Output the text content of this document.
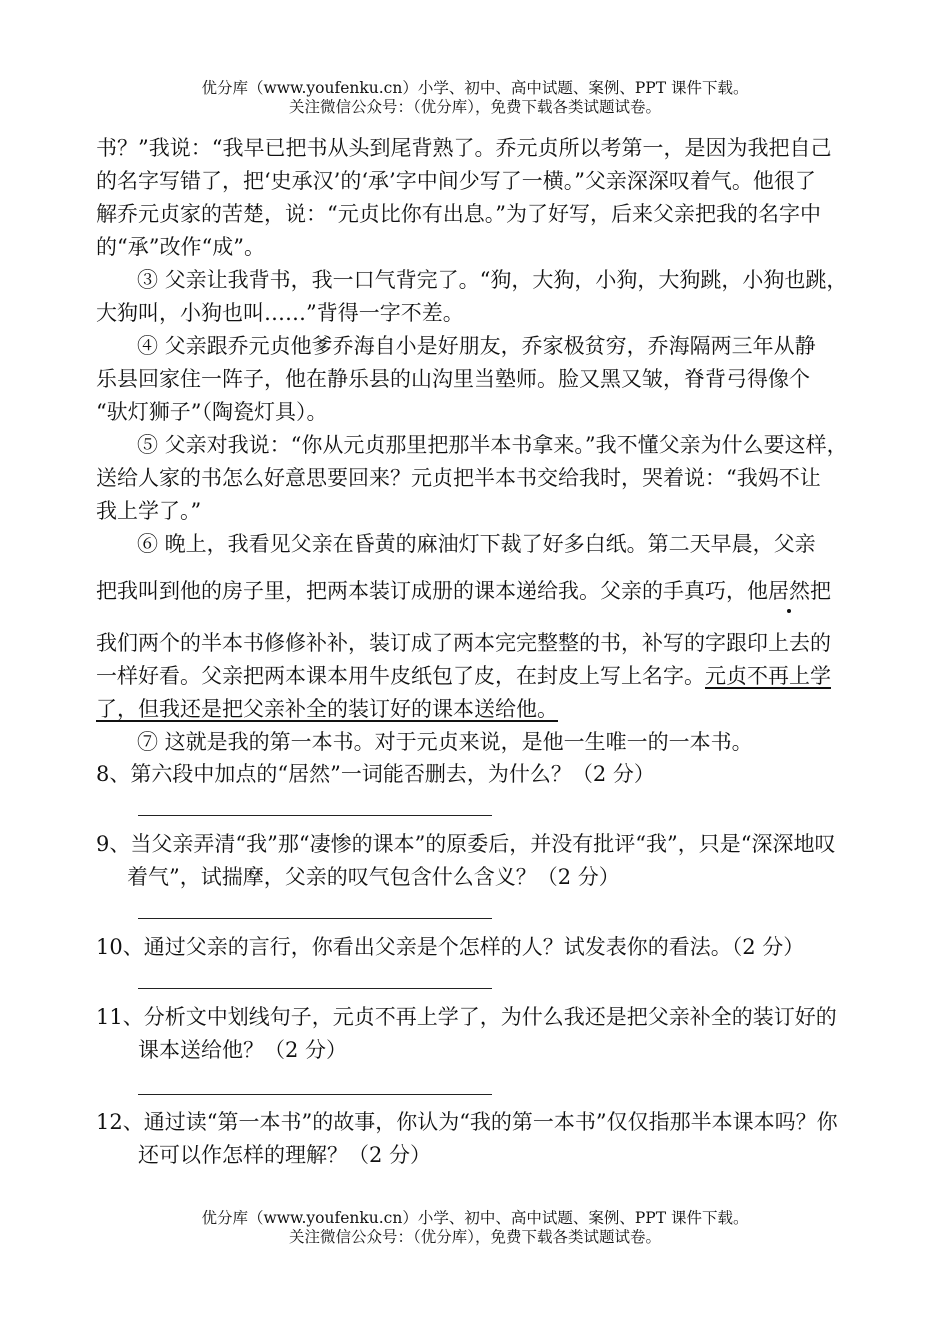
优分库（www.youfenku.cn）小学、初中、高中试题、案例、PPT 课件下载。
关注微信公众号：（优分库），免费下载各类试题试卷。
书？”我说：“我早已把书从头到尾背熟了。乔元贞所以考第一，是因为我把自己
的名字写错了，把‘史承汉’的‘承’字中间少写了一横。”父亲深深叹着气。他很了
解乔元贞家的苦楚，说：“元贞比你有出息。”为了好写，后来父亲把我的名字中
的“承”改作“成”。
③ 父亲让我背书，我一口气背完了。“狗，大狗，小狗，大狗跳，小狗也跳，
大狗叫，小狗也叫……”背得一字不差。
④ 父亲跟乔元贞他爹乔海自小是好朋友，乔家极贫穷，乔海隔两三年从静
乐县回家住一阵子，他在静乐县的山沟里当塾师。脸又黑又皱，脊背弓得像个
“驮灯狮子”（陶瓷灯具）。
⑤ 父亲对我说：“你从元贞那里把那半本书拿来。”我不懂父亲为什么要这样，
送给人家的书怎么好意思要回来？元贞把半本书交给我时，哭着说：“我妈不让
我上学了。”
⑥ 晚上，我看见父亲在昏黄的麻油灯下裁了好多白纸。第二天早晨，父亲
把我叫到他的房子里，把两本装订成册的课本递给我。父亲的手真巧，他居然把
我们两个的半本书修修补补，装订成了两本完完整整的书，补写的字跟印上去的
一样好看。父亲把两本课本用牛皮纸包了皮，在封皮上写上名字。元贞不再上学
了，但我还是把父亲补全的装订好的课本送给他。
⑦ 这就是我的第一本书。对于元贞来说，是他一生唯一的一本书。
8、第六段中加点的“居然”一词能否删去，为什么？（2 分）
9、当父亲弄清“我”那“凄惨的课本”的原委后，并没有批评“我”，只是“深深地叹
着气”，试揣摩，父亲的叹气包含什么含义？（2 分）
10、通过父亲的言行，你看出父亲是个怎样的人？试发表你的看法。（2 分）
11、分析文中划线句子，元贞不再上学了，为什么我还是把父亲补全的装订好的
课本送给他？（2 分）
12、通过读“第一本书”的故事，你认为“我的第一本书”仅仅指那半本课本吗？你
还可以作怎样的理解？（2 分）
优分库（www.youfenku.cn）小学、初中、高中试题、案例、PPT 课件下载。
关注微信公众号：（优分库），免费下载各类试题试卷。
